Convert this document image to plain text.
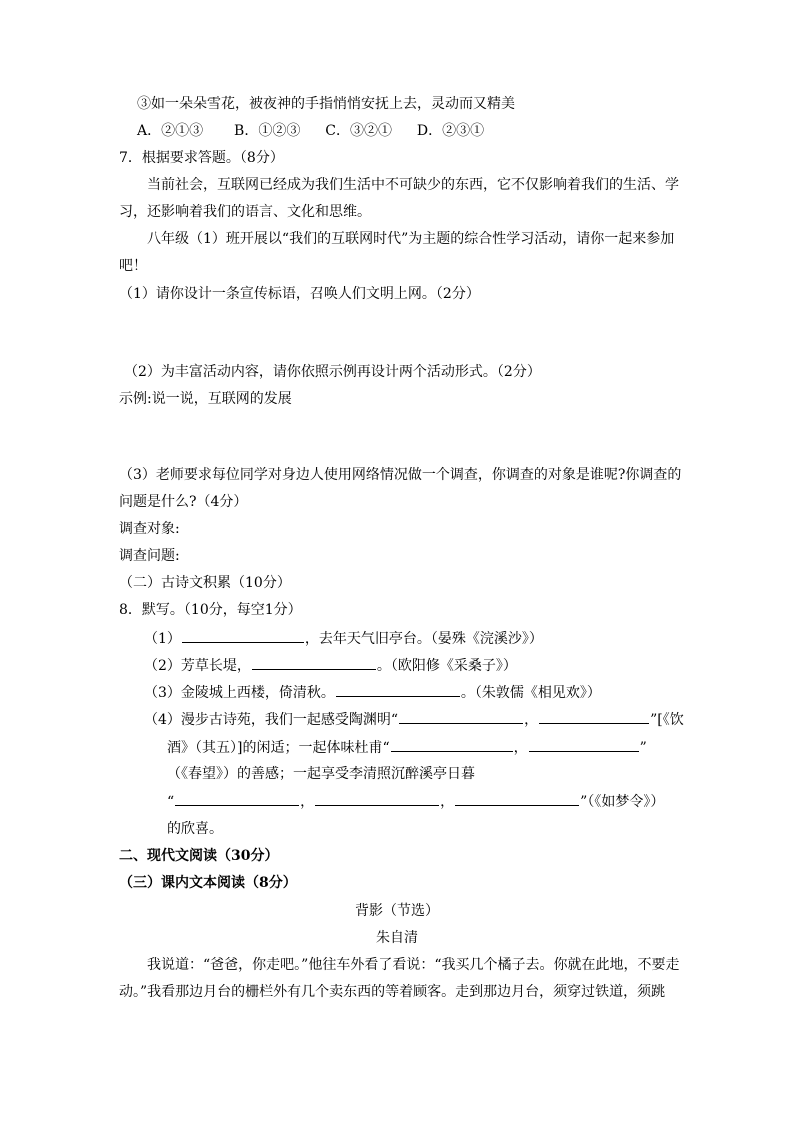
③如一朵朵雪花，被夜神的手指悄悄安抚上去，灵动而又精美
A．②①③ B．①②③ C．③②① D．②③①
7．根据要求答题。（8分）
当前社会，互联网已经成为我们生活中不可缺少的东西，它不仅影响着我们的生活、学
习，还影响着我们的语言、文化和思维。
八年级（1）班开展以“我们的互联网时代”为主题的综合性学习活动，请你一起来参加
吧！
（1）请你设计一条宣传标语，召唤人们文明上网。（2分）
（2）为丰富活动内容，请你依照示例再设计两个活动形式。（2分）
示例:说一说，互联网的发展
（3）老师要求每位同学对身边人使用网络情况做一个调查，你调查的对象是谁呢?你调查的
问题是什么?（4分）
调查对象:
调查问题:
（二）古诗文积累（10分）
8．默写。（10分，每空1分）
（1）	，去年天气旧亭台。（晏殊《浣溪沙》）
（2）芳草长堤，	。（欧阳修《采桑子》）
（3）金陵城上西楼，倚清秋。	。（朱敦儒《相见欢》）
（4）漫步古诗苑，我们一起感受陶渊明“	，	”[《饮
酒》（其五）]的闲适；一起体味杜甫“	，	”
（《春望》）的善感；一起享受李清照沉醉溪亭日暮
“	，	，	”（《如梦令》）
的欣喜。
二、现代文阅读（30分）
（三）课内文本阅读（8分）
背影（节选）
朱自清
我说道：“爸爸，你走吧。”他往车外看了看说：“我买几个橘子去。你就在此地，不要走
动。”我看那边月台的栅栏外有几个卖东西的等着顾客。走到那边月台，须穿过铁道，须跳
